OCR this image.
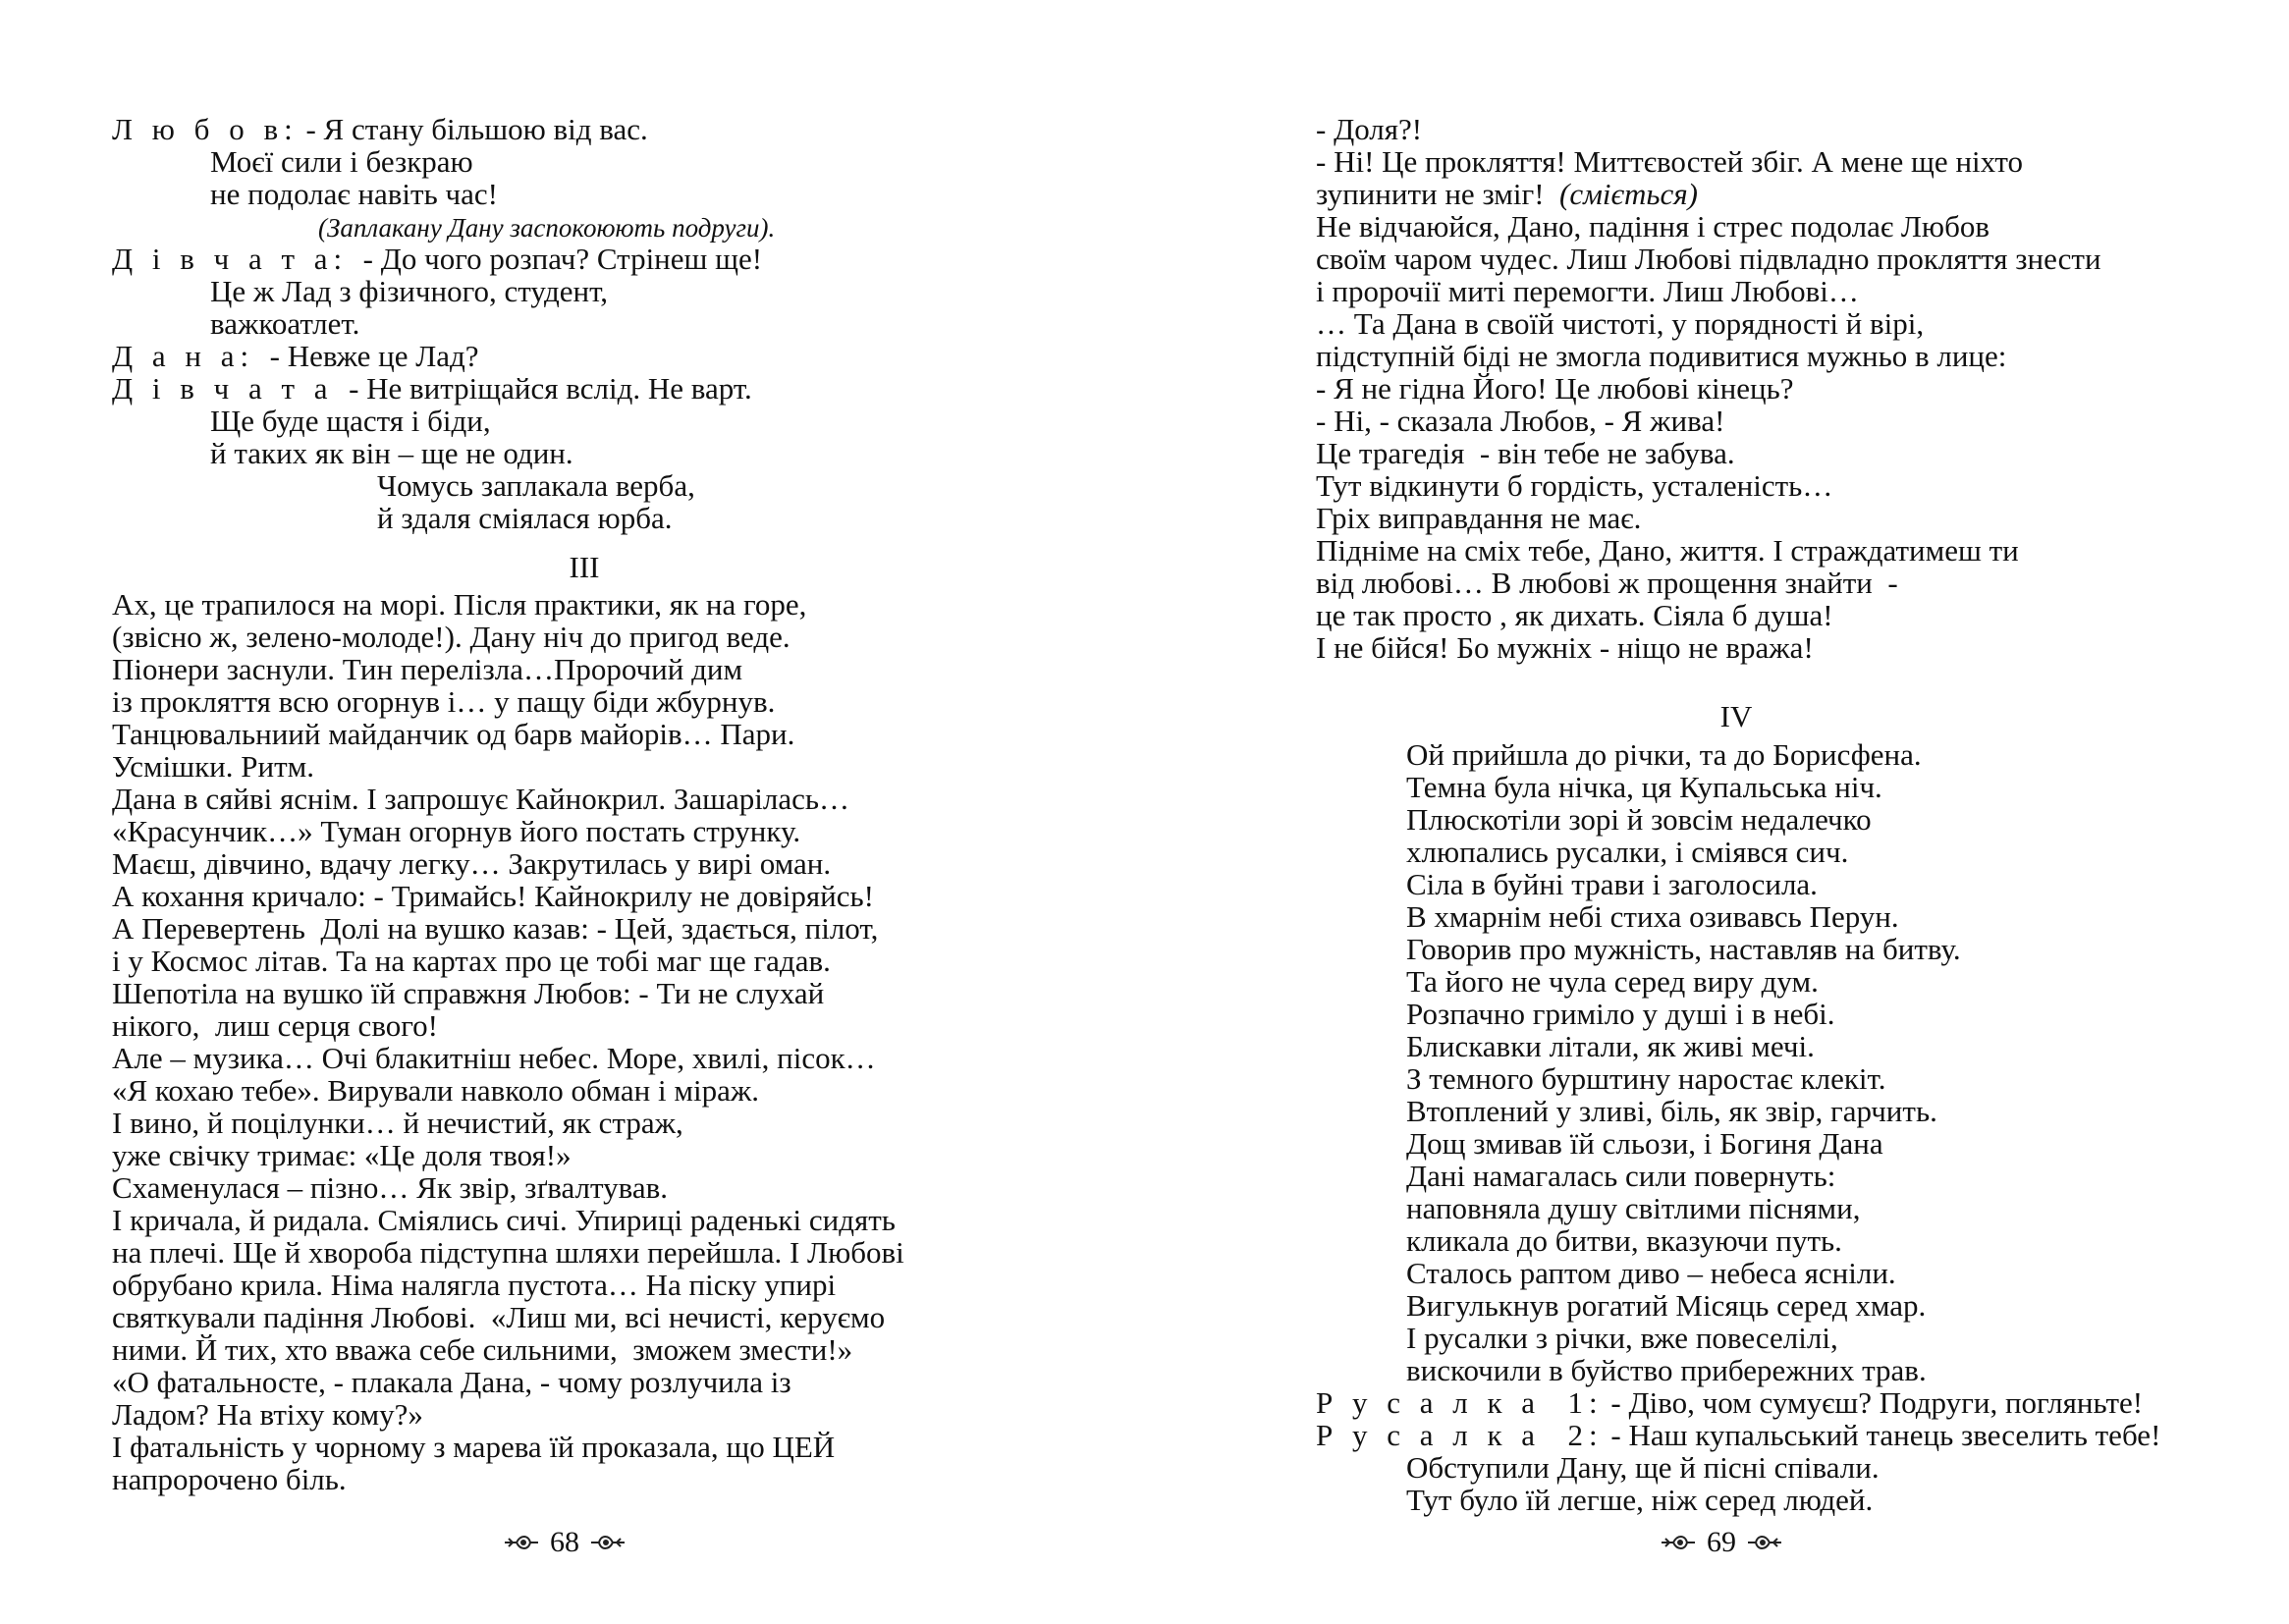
Л ю б о в: - Я стану більшою від вас.
Моєї сили і безкраю
не подолає навіть час!
(Заплакану Дану заспокоюють подруги).
Д і в ч а т а:  - До чого розпач? Стрінеш ще!
Це ж Лад з фізичного, студент,
важкоатлет.
Д а н а:  - Невже це Лад?
Д і в ч а т а  - Не витріщайся вслід. Не варт.
Ще буде щастя і біди,
й таких як він – ще не один.
Чомусь заплакала верба,
й здаля сміялася юрба.
III
Ах, це трапилося на морі. Після практики, як на горе,
(звісно ж, зелено-молоде!). Дану ніч до пригод веде.
Піонери заснули. Тин перелізла…Пророчий дим
із прокляття всю огорнув і… у пащу біди жбурнув.
Танцювальниий майданчик од барв майорів… Пари.
Усмішки. Ритм.
Дана в сяйві яснім. І запрошує Кайнокрил. Зашарілась…
«Красунчик…» Туман огорнув його постать струнку.
Маєш, дівчино, вдачу легку… Закрутилась у вирі оман.
А кохання кричало: - Тримайсь! Кайнокрилу не довіряйсь!
А Перевертень  Долі на вушко казав: - Цей, здається, пілот,
і у Космос літав. Та на картах про це тобі маг ще гадав.
Шепотіла на вушко їй справжня Любов: - Ти не слухай
нікого,  лиш серця свого!
Але – музика… Очі блакитніш небес. Море, хвилі, пісок…
«Я кохаю тебе». Вирували навколо обман і міраж.
І вино, й поцілунки… й нечистий, як страж,
уже свічку тримає: «Це доля твоя!»
Схаменулася – пізно… Як звір, зґвалтував.
І кричала, й ридала. Сміялись сичі. Упириці раденькі сидять
на плечі. Ще й хвороба підступна шляхи перейшла. І Любові
обрубано крила. Німа налягла пустота… На піску упирі
святкували падіння Любові.  «Лиш ми, всі нечисті, керуємо
ними. Й тих, хто вважа себе сильними,  зможем змести!»
«О фатальносте, - плакала Дана, - чому розлучила із
Ладом? На втіху кому?»
І фатальність у чорному з марева їй проказала, що ЦЕЙ
напророчено біль.
68
- Доля?!
- Ні! Це прокляття! Миттєвостей збіг. А мене ще ніхто
зупинити не зміг!  (сміється)
Не відчаюйся, Дано, падіння і стрес подолає Любов
своїм чаром чудес. Лиш Любові підвладно прокляття знести
і пророчії миті перемогти. Лиш Любові…
… Та Дана в своїй чистоті, у порядності й вірі,
підступній біді не змогла подивитися мужньо в лице:
- Я не гідна Його! Це любові кінець?
- Ні, - сказала Любов, - Я жива!
Це трагедія  - він тебе не забува.
Тут відкинути б гордість, усталеність…
Гріх виправдання не має.
Підніме на сміх тебе, Дано, життя. І страждатимеш ти
від любові… В любові ж прощення знайти  -
це так просто , як дихать. Сіяла б душа!
І не бійся! Бо мужніх - ніщо не вража!
IV
Ой прийшла до річки, та до Борисфена.
Темна була нічка, ця Купальська ніч.
Плюскотіли зорі й зовсім недалечко
хлюпались русалки, і сміявся сич.
Сіла в буйні трави і заголосила.
В хмарнім небі стиха озивавсь Перун.
Говорив про мужність, наставляв на битву.
Та його не чула серед виру дум.
Розпачно гриміло у душі і в небі.
Блискавки літали, як живі мечі.
З темного бурштину наростає клекіт.
Втоплений у зливі, біль, як звір, гарчить.
Дощ змивав їй сльози, і Богиня Дана
Дані намагалась сили повернуть:
наповняла душу світлими піснями,
кликала до битви, вказуючи путь.
Сталось раптом диво – небеса ясніли.
Вигулькнув рогатий Місяць серед хмар.
І русалки з річки, вже повеселілі,
вискочили в буйство прибережних трав.
Р у с а л к а  1: - Діво, чом сумуєш? Подруги, погляньте!
Р у с а л к а  2: - Наш купальський танець звеселить тебе!
Обступили Дану, ще й пісні співали.
Тут було їй легше, ніж серед людей.
69
